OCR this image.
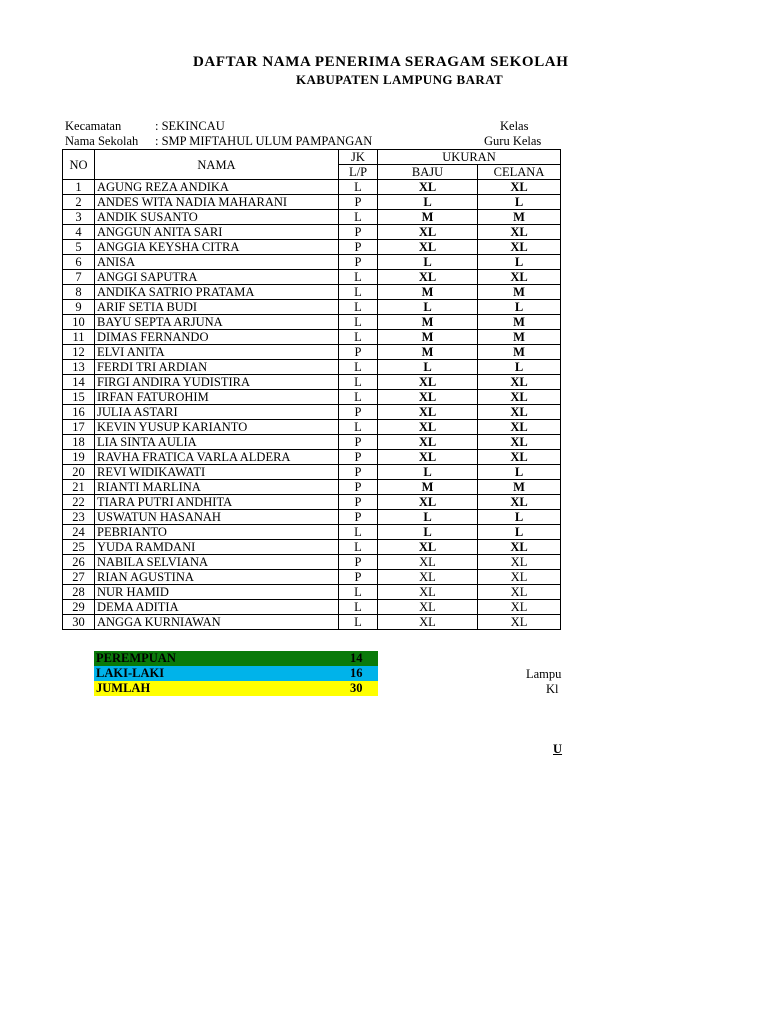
DAFTAR NAMA PENERIMA SERAGAM SEKOLAH
KABUPATEN LAMPUNG BARAT
Kecamatan	: SEKINCAU
Nama Sekolah : SMP MIFTAHUL ULUM PAMPANGAN
Kelas
Guru Kelas
NO	NAMA	JK	UKURAN		
		L/P	BAJU	CELANA	
1	AGUNG REZA ANDIKA	L	XL	XL	
2	ANDES WITA NADIA MAHARANI	P	L	L	
3	ANDIK SUSANTO	L	M	M	
4	ANGGUN ANITA SARI	P	XL	XL	
5	ANGGIA KEYSHA CITRA	P	XL	XL	
6	ANISA	P	L	L	
7	ANGGI SAPUTRA	L	XL	XL	
8	ANDIKA SATRIO PRATAMA	L	M	M	
9	ARIF SETIA BUDI	L	L	L	
10	BAYU SEPTA ARJUNA	L	M	M	
11	DIMAS FERNANDO	L	M	M	
12	ELVI ANITA	P	M	M	
13	FERDI TRI ARDIAN	L	L	L	
14	FIRGI ANDIRA YUDISTIRA	L	XL	XL	
15	IRFAN FATUROHIM	L	XL	XL	
16	JULIA ASTARI	P	XL	XL	
17	KEVIN YUSUP KARIANTO	L	XL	XL	
18	LIA SINTA AULIA	P	XL	XL	
19	RAVHA FRATICA VARLA ALDERA	P	XL	XL	
20	REVI WIDIKAWATI	P	L	L	
21	RIANTI MARLINA	P	M	M	
22	TIARA PUTRI ANDHITA	P	XL	XL	
23	USWATUN HASANAH	P	L	L	
24	PEBRIANTO	L	L	L	
25	YUDA RAMDANI	L	XL	XL	
26	NABILA SELVIANA	P	XL	XL	
27	RIAN AGUSTINA	P	XL	XL	
28	NUR HAMID	L	XL	XL	
29	DEMA ADITIA	L	XL	XL	
30	ANGGA KURNIAWAN	L	XL	XL	
PEREMPUAN	14
LAKI-LAKI	16
JUMLAH	30
Lampu
Kl
U
